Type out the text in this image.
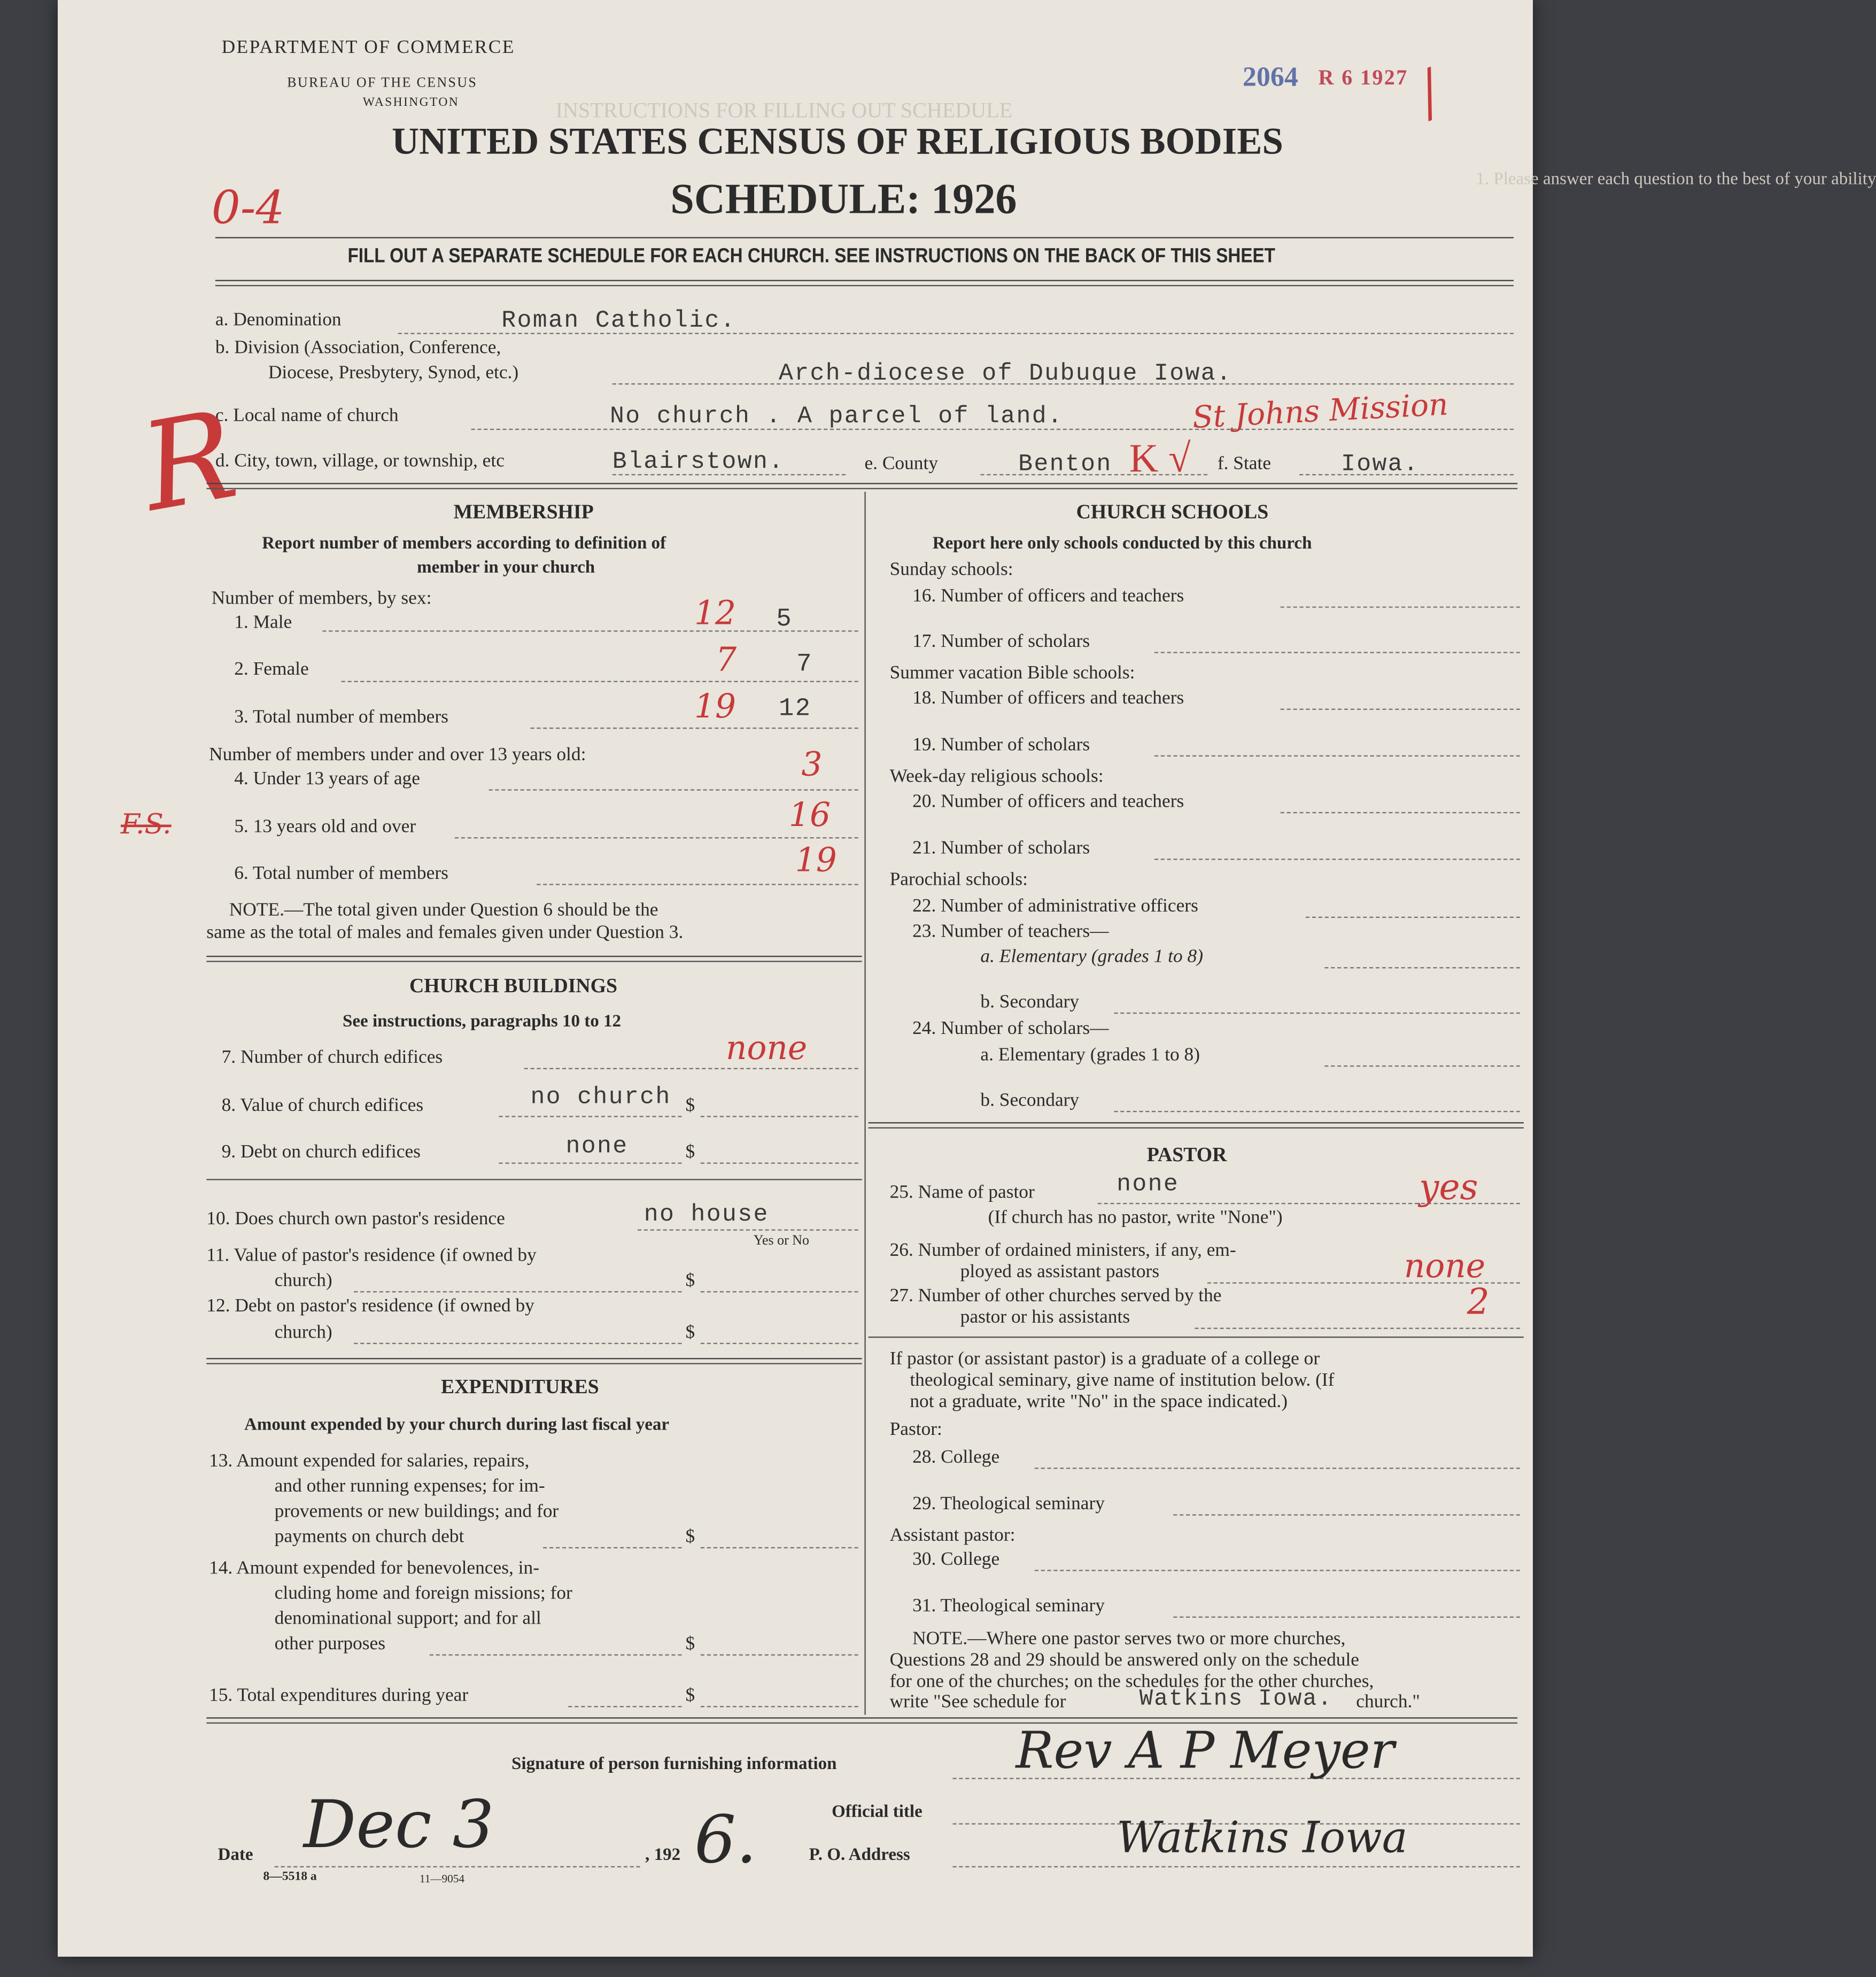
INSTRUCTIONS FOR FILLING OUT SCHEDULE
1. Please answer each question to the best of your ability
DEPARTMENT OF COMMERCE
BUREAU OF THE CENSUS
WASHINGTON
2064 R 6 1927
/
UNITED STATES CENSUS OF RELIGIOUS BODIES
SCHEDULE: 1926
0-4
FILL OUT A SEPARATE SCHEDULE FOR EACH CHURCH. SEE INSTRUCTIONS ON THE BACK OF THIS SHEET
a. Denomination	Roman Catholic.
b. Division (Association, Conference,
Diocese, Presbytery, Synod, etc.)	Arch-diocese of Dubuque Iowa.
c. Local name of church	No church . A parcel of land.	St Johns Mission
R
d. City, town, village, or township, etc	Blairstown.	e. County	Benton K √	f. State	Iowa.
MEMBERSHIP
Report number of members according to definition of
member in your church
Number of members, by sex:
1. Male	12	5
2. Female	7	7
3. Total number of members	19	12
Number of members under and over 13 years old:
4. Under 13 years of age	3
5. 13 years old and over	16
F.S.
6. Total number of members	19
NOTE.—The total given under Question 6 should be the
same as the total of males and females given under Question 3.
CHURCH BUILDINGS
See instructions, paragraphs 10 to 12
7. Number of church edifices	none
8. Value of church edifices	no church $
9. Debt on church edifices	none	$
10. Does church own pastor's residence	no house
Yes or No
11. Value of pastor's residence (if owned by
church)	$
12. Debt on pastor's residence (if owned by
church)	$
EXPENDITURES
Amount expended by your church during last fiscal year
13. Amount expended for salaries, repairs,
and other running expenses; for im-
provements or new buildings; and for
payments on church debt	$
14. Amount expended for benevolences, in-
cluding home and foreign missions; for
denominational support; and for all
other purposes	$
15. Total expenditures during year	$
CHURCH SCHOOLS
Report here only schools conducted by this church
Sunday schools:
16. Number of officers and teachers
17. Number of scholars
Summer vacation Bible schools:
18. Number of officers and teachers
19. Number of scholars
Week-day religious schools:
20. Number of officers and teachers
21. Number of scholars
Parochial schools:
22. Number of administrative officers
23. Number of teachers—
a. Elementary (grades 1 to 8)
b. Secondary
24. Number of scholars—
a. Elementary (grades 1 to 8)
b. Secondary
PASTOR
25. Name of pastor	none	yes
(If church has no pastor, write "None")
26. Number of ordained ministers, if any, em-
ployed as assistant pastors	none
27. Number of other churches served by the
pastor or his assistants	2
If pastor (or assistant pastor) is a graduate of a college or
theological seminary, give name of institution below. (If
not a graduate, write "No" in the space indicated.)
Pastor:
28. College
29. Theological seminary
Assistant pastor:
30. College
31. Theological seminary
NOTE.—Where one pastor serves two or more churches,
Questions 28 and 29 should be answered only on the schedule
for one of the churches; on the schedules for the other churches,
write "See schedule for	Watkins Iowa.	church."
Signature of person furnishing information	Rev A P Meyer
Official title
Date Dec 3	, 192 6.	P. O. Address	Watkins Iowa
8—5518 a	11—9054
